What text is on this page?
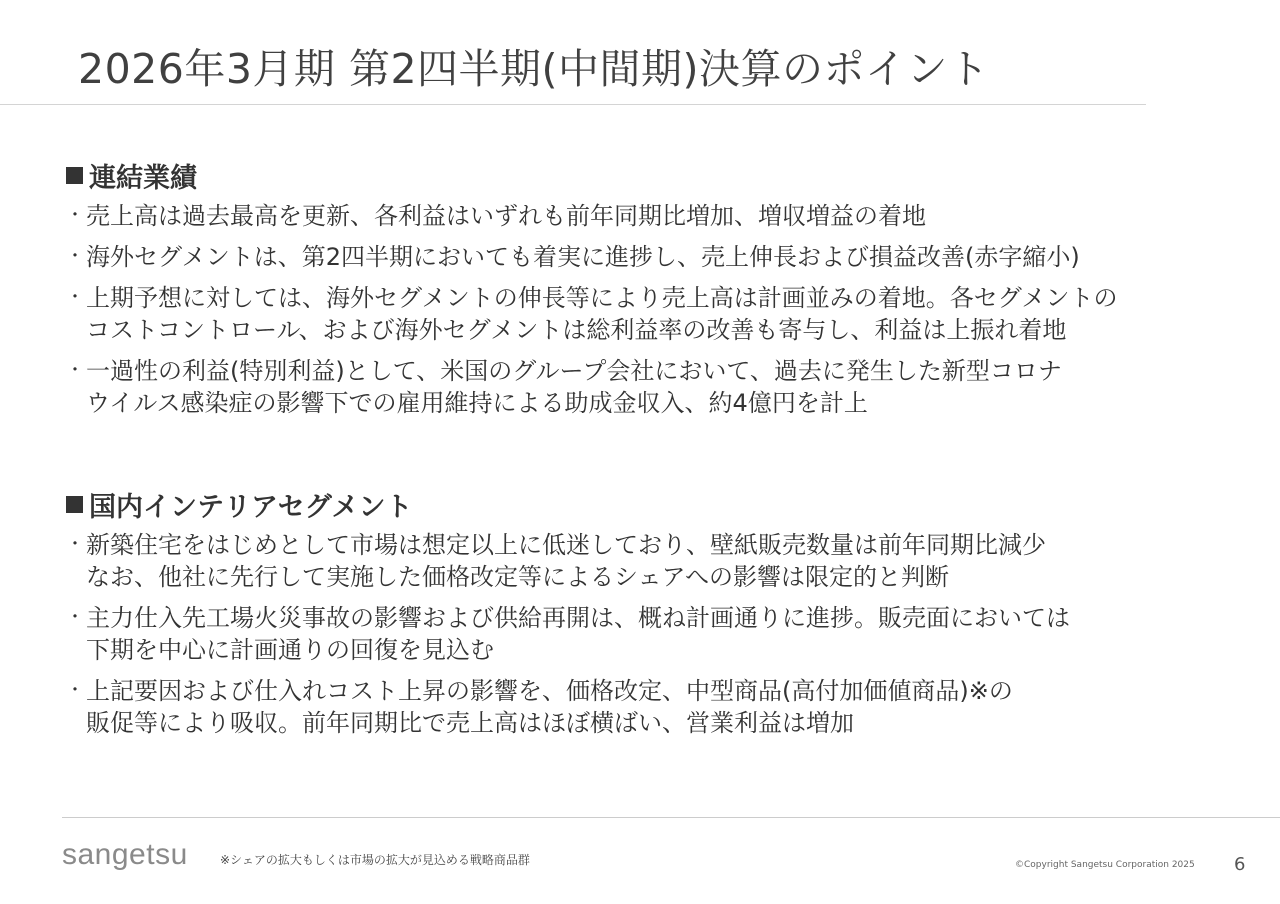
2026年3月期 第2四半期(中間期)決算のポイント
連結業績
・ 売上高は過去最高を更新、各利益はいずれも前年同期比増加、増収増益の着地
・ 海外セグメントは、第2四半期においても着実に進捗し、売上伸長および損益改善(赤字縮小)
・ 上期予想に対しては、海外セグメントの伸長等により売上高は計画並みの着地。各セグメントの
コストコントロール、および海外セグメントは総利益率の改善も寄与し、利益は上振れ着地
・ 一過性の利益(特別利益)として、米国のグループ会社において、過去に発生した新型コロナ
ウイルス感染症の影響下での雇用維持による助成金収入、約4億円を計上
国内インテリアセグメント
・ 新築住宅をはじめとして市場は想定以上に低迷しており、壁紙販売数量は前年同期比減少
なお、他社に先行して実施した価格改定等によるシェアへの影響は限定的と判断
・ 主力仕入先工場火災事故の影響および供給再開は、概ね計画通りに進捗。販売面においては
下期を中心に計画通りの回復を見込む
・ 上記要因および仕入れコスト上昇の影響を、価格改定、中型商品(高付加価値商品)※の
販促等により吸収。前年同期比で売上高はほぼ横ばい、営業利益は増加
sangetsu	※シェアの拡大もしくは市場の拡大が見込める戦略商品群	©Copyright Sangetsu Corporation 2025 6
